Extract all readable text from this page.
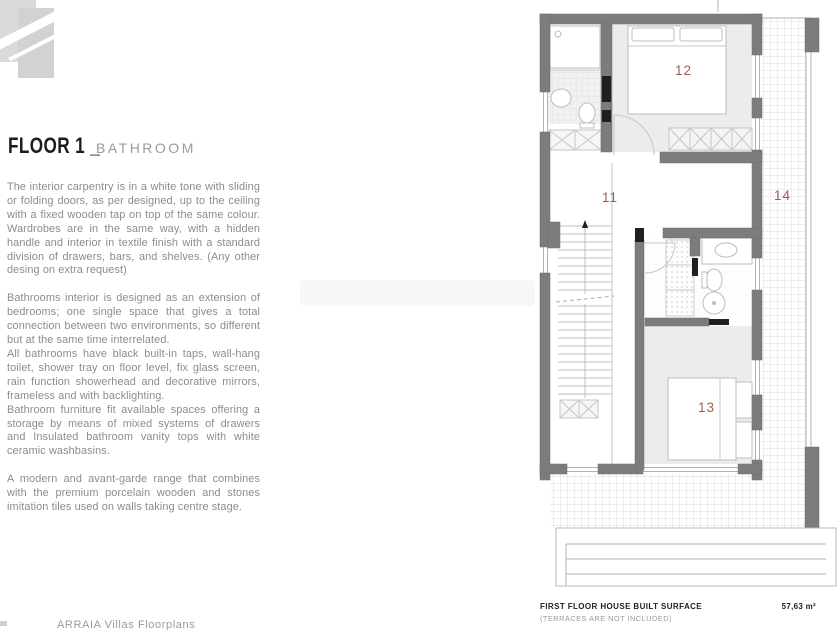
FLOOR 1 _
BATHROOM

The interior carpentry is in a white tone with sliding or folding doors, as per designed, up to the ceiling with a fixed wooden tap on top of the same colour. Wardrobes are in the same way, with a hidden handle and interior in textile finish with a standard division of drawers, bars, and shelves. (Any other desing on extra request)

Bathrooms interior is designed as an extension of bedrooms; one single space that gives a total connection between two environments, so different but at the same time interrelated.

All bathrooms have black built-in taps, wall-hang toilet, shower tray on floor level, fix glass screen, rain function showerhead and decorative mirrors, frameless and with backlighting.

Bathroom furniture fit available spaces offering a storage by means of mixed systems of drawers and Insulated bathroom vanity tops with white ceramic washbasins.

A modern and avant-garde range that combines with the premium porcelain wooden and stones imitation tiles used on walls taking centre stage.

11
12
13
14
FIRST FLOOR HOUSE BUILT SURFACE
(TERRACES ARE NOT INCLUDED)
57,63 m²
ARRAIA Villas Floorplans
